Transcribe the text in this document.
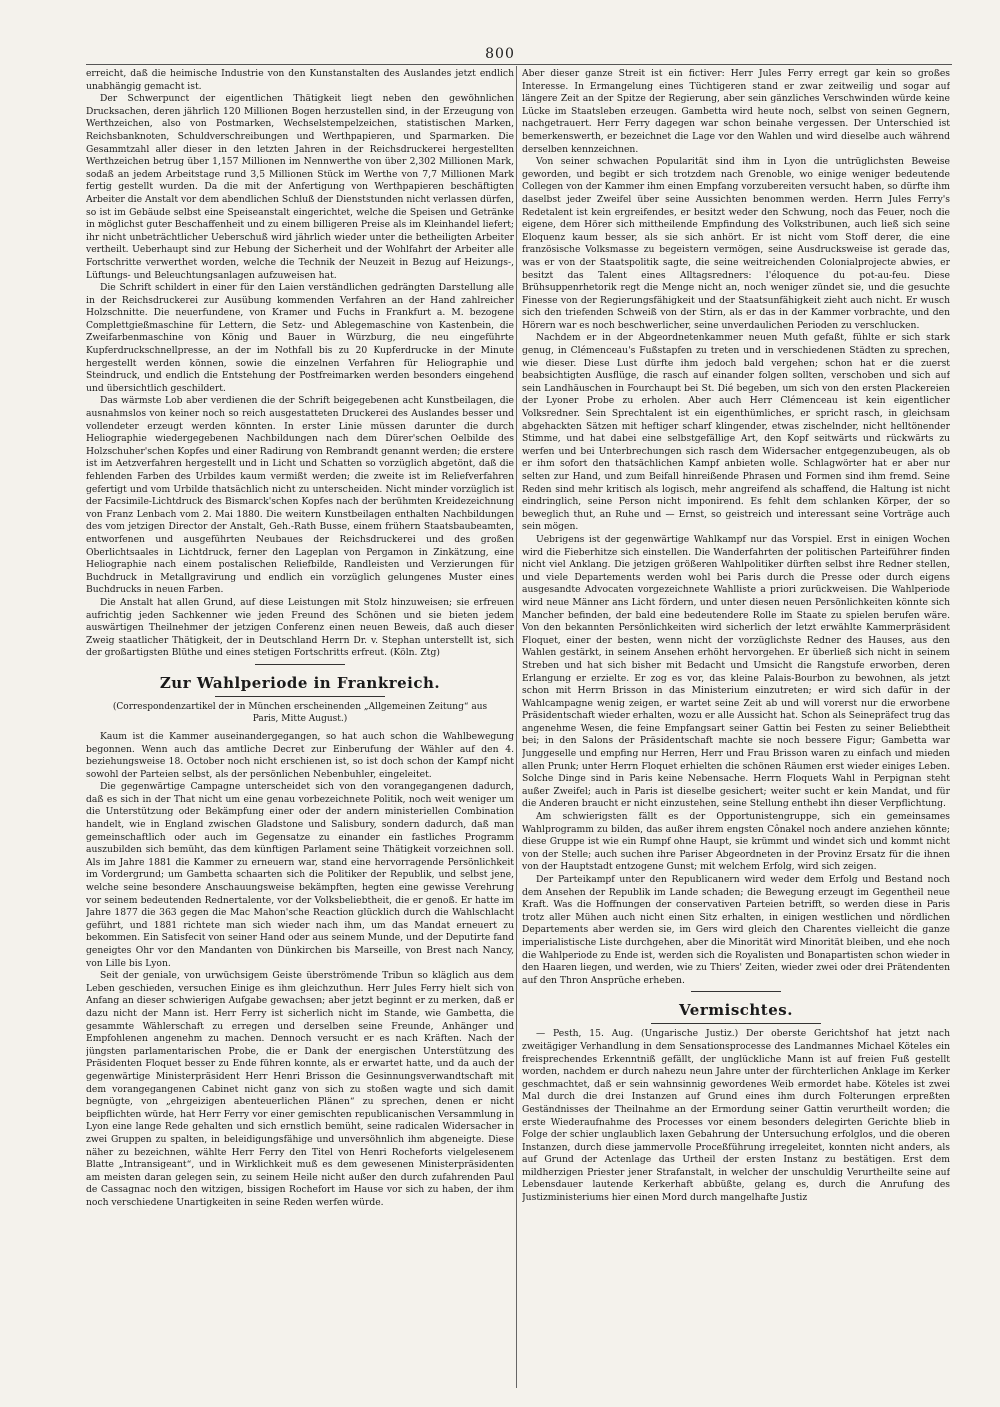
800

erreicht, daß die heimische Industrie von den Kunstanstalten des Auslandes jetzt endlich unabhängig gemacht ist.

Der Schwerpunct der eigentlichen Thätigkeit liegt neben den gewöhnlichen Drucksachen, deren jährlich 120 Millionen Bogen herzustellen sind, in der Erzeugung von Werthzeichen, also von Postmarken, Wechselstempelzeichen, statistischen Marken, Reichsbanknoten, Schuldverschreibungen und Werthpapieren, und Sparmarken. Die Gesammtzahl aller dieser in den letzten Jahren in der Reichsdruckerei hergestellten Werthzeichen betrug über 1,157 Millionen im Nennwerthe von über 2,302 Millionen Mark, sodaß an jedem Arbeitstage rund 3,5 Millionen Stück im Werthe von 7,7 Millionen Mark fertig gestellt wurden. Da die mit der Anfertigung von Werthpapieren beschäftigten Arbeiter die Anstalt vor dem abendlichen Schluß der Dienststunden nicht verlassen dürfen, so ist im Gebäude selbst eine Speiseanstalt eingerichtet, welche die Speisen und Getränke in möglichst guter Beschaffenheit und zu einem billigeren Preise als im Kleinhandel liefert; ihr nicht unbeträchtlicher Ueberschuß wird jährlich wieder unter die betheiligten Arbeiter vertheilt. Ueberhaupt sind zur Hebung der Sicherheit und der Wohlfahrt der Arbeiter alle Fortschritte verwerthet worden, welche die Technik der Neuzeit in Bezug auf Heizungs-, Lüftungs- und Beleuchtungsanlagen aufzuweisen hat.

Die Schrift schildert in einer für den Laien verständlichen gedrängten Darstellung alle in der Reichsdruckerei zur Ausübung kommenden Verfahren an der Hand zahlreicher Holzschnitte. Die neuerfundene, von Kramer und Fuchs in Frankfurt a. M. bezogene Complettgießmaschine für Lettern, die Setz- und Ablegemaschine von Kastenbein, die Zweifarbenmaschine von König und Bauer in Würzburg, die neu eingeführte Kupferdruckschnellpresse, an der im Nothfall bis zu 20 Kupferdrucke in der Minute hergestellt werden können, sowie die einzelnen Verfahren für Heliographie und Steindruck, und endlich die Entstehung der Postfreimarken werden besonders eingehend und übersichtlich geschildert.

Das wärmste Lob aber verdienen die der Schrift beigegebenen acht Kunstbeilagen, die ausnahmslos von keiner noch so reich ausgestatteten Druckerei des Auslandes besser und vollendeter erzeugt werden könnten. In erster Linie müssen darunter die durch Heliographie wiedergegebenen Nachbildungen nach dem Dürer'schen Oelbilde des Holzschuher'schen Kopfes und einer Radirung von Rembrandt genannt werden; die erstere ist im Aetzverfahren hergestellt und in Licht und Schatten so vorzüglich abgetönt, daß die fehlenden Farben des Urbildes kaum vermißt werden; die zweite ist im Reliefverfahren gefertigt und vom Urbilde thatsächlich nicht zu unterscheiden. Nicht minder vorzüglich ist der Facsimile-Lichtdruck des Bismarck'schen Kopfes nach der berühmten Kreidezeichnung von Franz Lenbach vom 2. Mai 1880. Die weitern Kunstbeilagen enthalten Nachbildungen des vom jetzigen Director der Anstalt, Geh.-Rath Busse, einem frühern Staatsbaubeamten, entworfenen und ausgeführten Neubaues der Reichsdruckerei und des großen Oberlichtsaales in Lichtdruck, ferner den Lageplan von Pergamon in Zinkätzung, eine Heliographie nach einem postalischen Reliefbilde, Randleisten und Verzierungen für Buchdruck in Metallgravirung und endlich ein vorzüglich gelungenes Muster eines Buchdrucks in neuen Farben.

Die Anstalt hat allen Grund, auf diese Leistungen mit Stolz hinzuweisen; sie erfreuen aufrichtig jeden Sachkenner wie jeden Freund des Schönen und sie bieten jedem auswärtigen Theilnehmer der jetzigen Conferenz einen neuen Beweis, daß auch dieser Zweig staatlicher Thätigkeit, der in Deutschland Herrn Dr. v. Stephan unterstellt ist, sich der großartigsten Blüthe und eines stetigen Fortschritts erfreut. (Köln. Ztg)

Zur Wahlperiode in Frankreich.
(Correspondenzartikel der in München erscheinenden „Allgemeinen Zeitung“ aus Paris, Mitte August.)

Kaum ist die Kammer auseinandergegangen, so hat auch schon die Wahlbewegung begonnen. Wenn auch das amtliche Decret zur Einberufung der Wähler auf den 4. beziehungsweise 18. October noch nicht erschienen ist, so ist doch schon der Kampf nicht sowohl der Parteien selbst, als der persönlichen Nebenbuhler, eingeleitet.

Die gegenwärtige Campagne unterscheidet sich von den vorangegangenen dadurch, daß es sich in der That nicht um eine genau vorbezeichnete Politik, noch weit weniger um die Unterstützung oder Bekämpfung einer oder der andern ministeriellen Combination handelt, wie in England zwischen Gladstone und Salisbury, sondern dadurch, daß man gemeinschaftlich oder auch im Gegensatze zu einander ein fastliches Programm auszubilden sich bemüht, das dem künftigen Parlament seine Thätigkeit vorzeichnen soll. Als im Jahre 1881 die Kammer zu erneuern war, stand eine hervorragende Persönlichkeit im Vordergrund; um Gambetta schaarten sich die Politiker der Republik, und selbst jene, welche seine besondere Anschauungsweise bekämpften, hegten eine gewisse Verehrung vor seinem bedeutenden Rednertalente, vor der Volksbeliebtheit, die er genoß. Er hatte im Jahre 1877 die 363 gegen die Mac Mahon'sche Reaction glücklich durch die Wahlschlacht geführt, und 1881 richtete man sich wieder nach ihm, um das Mandat erneuert zu bekommen. Ein Satisfecit von seiner Hand oder aus seinem Munde, und der Deputirte fand geneigtes Ohr vor den Mandanten von Dünkirchen bis Marseille, von Brest nach Nancy, von Lille bis Lyon.

Seit der geniale, von urwüchsigem Geiste überströmende Tribun so kläglich aus dem Leben geschieden, versuchen Einige es ihm gleichzuthun. Herr Jules Ferry hielt sich von Anfang an dieser schwierigen Aufgabe gewachsen; aber jetzt beginnt er zu merken, daß er dazu nicht der Mann ist. Herr Ferry ist sicherlich nicht im Stande, wie Gambetta, die gesammte Wählerschaft zu erregen und derselben seine Freunde, Anhänger und Empfohlenen angenehm zu machen. Dennoch versucht er es nach Kräften. Nach der jüngsten parlamentarischen Probe, die er Dank der energischen Unterstützung des Präsidenten Floquet besser zu Ende führen konnte, als er erwartet hatte, und da auch der gegenwärtige Ministerpräsident Herr Henri Brisson die Gesinnungsverwandtschaft mit dem vorangegangenen Cabinet nicht ganz von sich zu stoßen wagte und sich damit begnügte, von „ehrgeizigen abenteuerlichen Plänen“ zu sprechen, denen er nicht beipflichten würde, hat Herr Ferry vor einer gemischten republicanischen Versammlung in Lyon eine lange Rede gehalten und sich ernstlich bemüht, seine radicalen Widersacher in zwei Gruppen zu spalten, in beleidigungsfähige und unversöhnlich ihm abgeneigte. Diese näher zu bezeichnen, wählte Herr Ferry den Titel von Henri Rocheforts vielgelesenem Blatte „Intransigeant“, und in Wirklichkeit muß es dem gewesenen Ministerpräsidenten am meisten daran gelegen sein, zu seinem Heile nicht außer den durch zufahrenden Paul de Cassagnac noch den witzigen, bissigen Rochefort im Hause vor sich zu haben, der ihm noch verschiedene Unartigkeiten in seine Reden werfen würde.

Aber dieser ganze Streit ist ein fictiver: Herr Jules Ferry erregt gar kein so großes Interesse. In Ermangelung eines Tüchtigeren stand er zwar zeitweilig und sogar auf längere Zeit an der Spitze der Regierung, aber sein gänzliches Verschwinden würde keine Lücke im Staatsleben erzeugen. Gambetta wird heute noch, selbst von seinen Gegnern, nachgetrauert. Herr Ferry dagegen war schon beinahe vergessen. Der Unterschied ist bemerkenswerth, er bezeichnet die Lage vor den Wahlen und wird dieselbe auch während derselben kennzeichnen.

Von seiner schwachen Popularität sind ihm in Lyon die untrüglichsten Beweise geworden, und begibt er sich trotzdem nach Grenoble, wo einige weniger bedeutende Collegen von der Kammer ihm einen Empfang vorzubereiten versucht haben, so dürfte ihm daselbst jeder Zweifel über seine Aussichten benommen werden. Herrn Jules Ferry's Redetalent ist kein ergreifendes, er besitzt weder den Schwung, noch das Feuer, noch die eigene, dem Hörer sich mittheilende Empfindung des Volkstribunen, auch ließ sich seine Eloquenz kaum besser, als sie sich anhört. Er ist nicht vom Stoff derer, die eine französische Volksmasse zu begeistern vermögen, seine Ausdrucksweise ist gerade das, was er von der Staatspolitik sagte, die seine weitreichenden Colonialprojecte abwies, er besitzt das Talent eines Alltagsredners: l'éloquence du pot-au-feu. Diese Brühsuppenrhetorik regt die Menge nicht an, noch weniger zündet sie, und die gesuchte Finesse von der Regierungsfähigkeit und der Staatsunfähigkeit zieht auch nicht. Er wusch sich den triefenden Schweiß von der Stirn, als er das in der Kammer vorbrachte, und den Hörern war es noch beschwerlicher, seine unverdaulichen Perioden zu verschlucken.

Nachdem er in der Abgeordnetenkammer neuen Muth gefaßt, fühlte er sich stark genug, in Clémenceau's Fußstapfen zu treten und in verschiedenen Städten zu sprechen, wie dieser. Diese Lust dürfte ihm jedoch bald vergehen; schon hat er die zuerst beabsichtigten Ausflüge, die rasch auf einander folgen sollten, verschoben und sich auf sein Landhäuschen in Fourchaupt bei St. Dié begeben, um sich von den ersten Plackereien der Lyoner Probe zu erholen. Aber auch Herr Clémenceau ist kein eigentlicher Volksredner. Sein Sprechtalent ist ein eigenthümliches, er spricht rasch, in gleichsam abgehackten Sätzen mit heftiger scharf klingender, etwas zischelnder, nicht helltönender Stimme, und hat dabei eine selbstgefällige Art, den Kopf seitwärts und rückwärts zu werfen und bei Unterbrechungen sich rasch dem Widersacher entgegenzubeugen, als ob er ihm sofort den thatsächlichen Kampf anbieten wolle. Schlagwörter hat er aber nur selten zur Hand, und zum Beifall hinreißende Phrasen und Formen sind ihm fremd. Seine Reden sind mehr kritisch als logisch, mehr angreifend als schaffend, die Haltung ist nicht eindringlich, seine Person nicht imponirend. Es fehlt dem schlanken Körper, der so beweglich thut, an Ruhe und — Ernst, so geistreich und interessant seine Vorträge auch sein mögen.

Uebrigens ist der gegenwärtige Wahlkampf nur das Vorspiel. Erst in einigen Wochen wird die Fieberhitze sich einstellen. Die Wanderfahrten der politischen Parteiführer finden nicht viel Anklang. Die jetzigen größeren Wahlpolitiker dürften selbst ihre Redner stellen, und viele Departements werden wohl bei Paris durch die Presse oder durch eigens ausgesandte Advocaten vorgezeichnete Wahlliste a priori zurückweisen. Die Wahlperiode wird neue Männer ans Licht fördern, und unter diesen neuen Persönlichkeiten könnte sich Mancher befinden, der bald eine bedeutendere Rolle im Staate zu spielen berufen wäre. Von den bekannten Persönlichkeiten wird sicherlich der letzt erwählte Kammerpräsident Floquet, einer der besten, wenn nicht der vorzüglichste Redner des Hauses, aus den Wahlen gestärkt, in seinem Ansehen erhöht hervorgehen. Er überließ sich nicht in seinem Streben und hat sich bisher mit Bedacht und Umsicht die Rangstufe erworben, deren Erlangung er erzielte. Er zog es vor, das kleine Palais-Bourbon zu bewohnen, als jetzt schon mit Herrn Brisson in das Ministerium einzutreten; er wird sich dafür in der Wahlcampagne wenig zeigen, er wartet seine Zeit ab und will vorerst nur die erworbene Präsidentschaft wieder erhalten, wozu er alle Aussicht hat. Schon als Seinepräfect trug das angenehme Wesen, die feine Empfangsart seiner Gattin bei Festen zu seiner Beliebtheit bei; in den Salons der Präsidentschaft machte sie noch bessere Figur; Gambetta war Junggeselle und empfing nur Herren, Herr und Frau Brisson waren zu einfach und mieden allen Prunk; unter Herrn Floquet erhielten die schönen Räumen erst wieder einiges Leben. Solche Dinge sind in Paris keine Nebensache. Herrn Floquets Wahl in Perpignan steht außer Zweifel; auch in Paris ist dieselbe gesichert; weiter sucht er kein Mandat, und für die Anderen braucht er nicht einzustehen, seine Stellung enthebt ihn dieser Verpflichtung.

Am schwierigsten fällt es der Opportunistengruppe, sich ein gemeinsames Wahlprogramm zu bilden, das außer ihrem engsten Cônakel noch andere anziehen könnte; diese Gruppe ist wie ein Rumpf ohne Haupt, sie krümmt und windet sich und kommt nicht von der Stelle; auch suchen ihre Pariser Abgeordneten in der Provinz Ersatz für die ihnen von der Hauptstadt entzogene Gunst; mit welchem Erfolg, wird sich zeigen.

Der Parteikampf unter den Republicanern wird weder dem Erfolg und Bestand noch dem Ansehen der Republik im Lande schaden; die Bewegung erzeugt im Gegentheil neue Kraft. Was die Hoffnungen der conservativen Parteien betrifft, so werden diese in Paris trotz aller Mühen auch nicht einen Sitz erhalten, in einigen westlichen und nördlichen Departements aber werden sie, im Gers wird gleich den Charentes vielleicht die ganze imperialistische Liste durchgehen, aber die Minorität wird Minorität bleiben, und ehe noch die Wahlperiode zu Ende ist, werden sich die Royalisten und Bonapartisten schon wieder in den Haaren liegen, und werden, wie zu Thiers' Zeiten, wieder zwei oder drei Prätendenten auf den Thron Ansprüche erheben.

Vermischtes.

— Pesth, 15. Aug. (Ungarische Justiz.) Der oberste Gerichtshof hat jetzt nach zweitägiger Verhandlung in dem Sensationsprocesse des Landmannes Michael Köteles ein freisprechendes Erkenntniß gefällt, der unglückliche Mann ist auf freien Fuß gestellt worden, nachdem er durch nahezu neun Jahre unter der fürchterlichen Anklage im Kerker geschmachtet, daß er sein wahnsinnig gewordenes Weib ermordet habe. Köteles ist zwei Mal durch die drei Instanzen auf Grund eines ihm durch Folterungen erpreßten Geständnisses der Theilnahme an der Ermordung seiner Gattin verurtheilt worden; die erste Wiederaufnahme des Processes vor einem besonders delegirten Gerichte blieb in Folge der schier unglaublich laxen Gebahrung der Untersuchung erfolglos, und die oberen Instanzen, durch diese jammervolle Proceßführung irregeleitet, konnten nicht anders, als auf Grund der Actenlage das Urtheil der ersten Instanz zu bestätigen. Erst dem mildherzigen Priester jener Strafanstalt, in welcher der unschuldig Verurtheilte seine auf Lebensdauer lautende Kerkerhaft abbüßte, gelang es, durch die Anrufung des Justizministeriums hier einen Mord durch mangelhafte Justiz
